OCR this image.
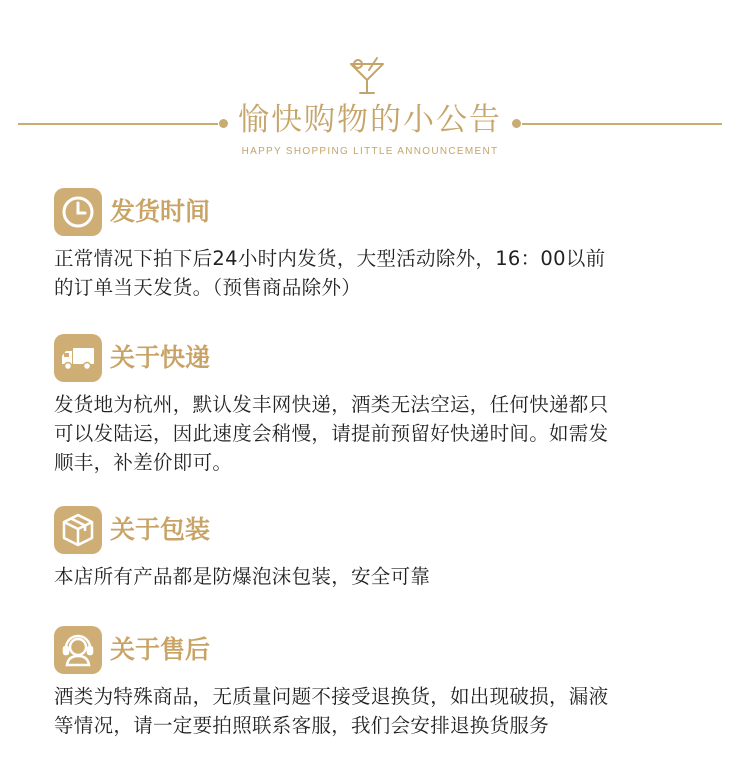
愉快购物的小公告
HAPPY SHOPPING LITTLE ANNOUNCEMENT
发货时间
正常情况下拍下后24小时内发货，大型活动除外，16：00以前
的订单当天发货。（预售商品除外）
关于快递
发货地为杭州，默认发丰网快递，酒类无法空运，任何快递都只
可以发陆运，因此速度会稍慢，请提前预留好快递时间。如需发
顺丰，补差价即可。
关于包装
本店所有产品都是防爆泡沫包装，安全可靠
关于售后
酒类为特殊商品，无质量问题不接受退换货，如出现破损，漏液
等情况，请一定要拍照联系客服，我们会安排退换货服务
